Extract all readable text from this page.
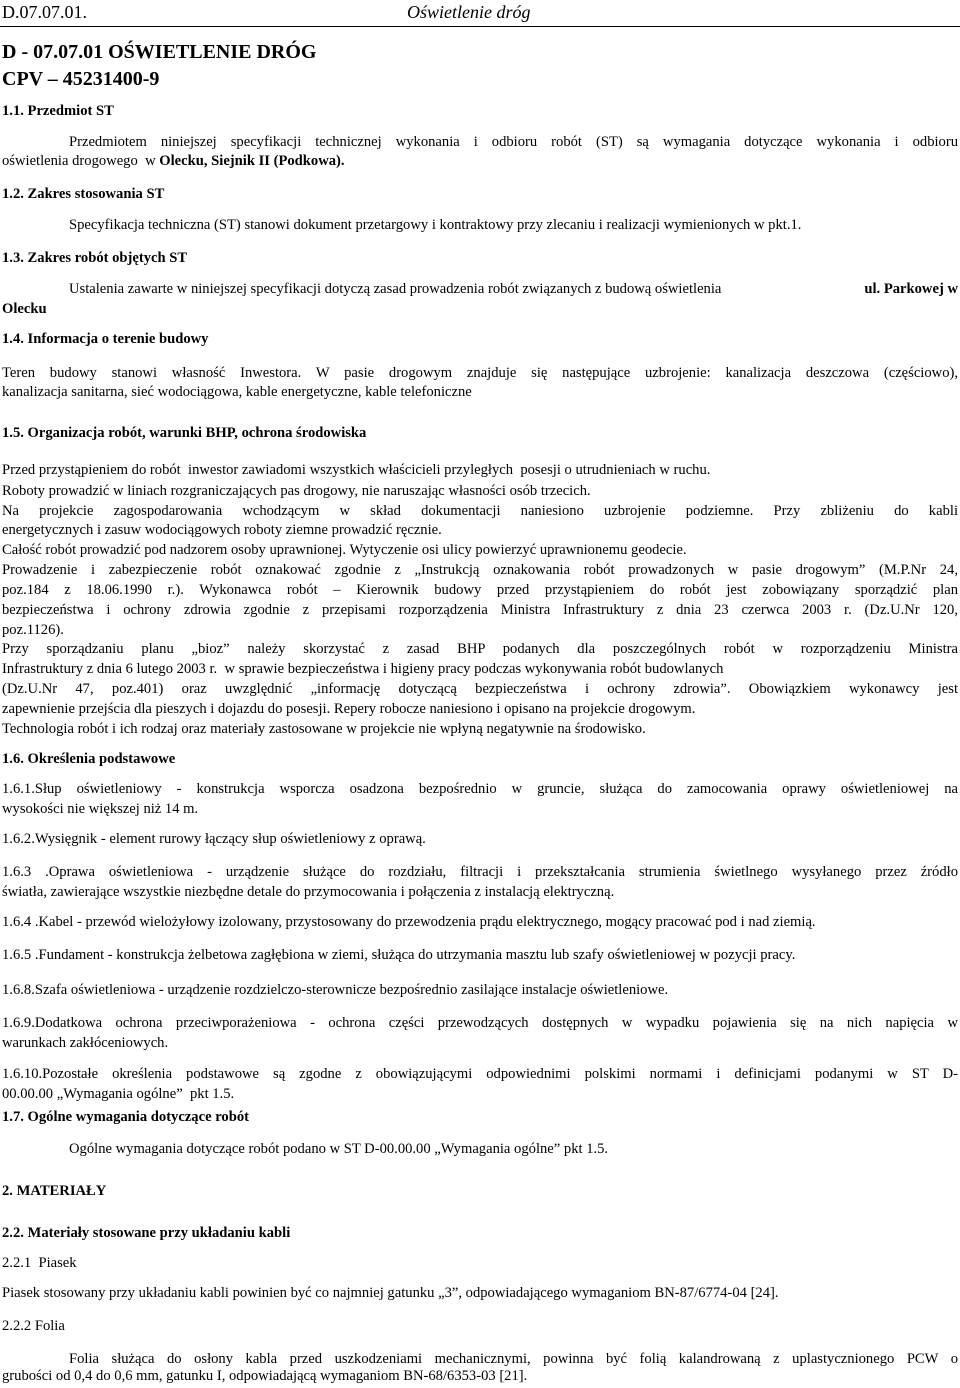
D.07.07.01.	Oświetlenie dróg
D - 07.07.01 OŚWIETLENIE DRÓG
CPV – 45231400-9
1.1. Przedmiot ST
Przedmiotem niniejszej specyfikacji technicznej wykonania i odbioru robót (ST) są wymagania dotyczące wykonania i odbioru
oświetlenia drogowego  w Olecku, Siejnik II (Podkowa).
1.2. Zakres stosowania ST
Specyfikacja techniczna (ST) stanowi dokument przetargowy i kontraktowy przy zlecaniu i realizacji wymienionych w pkt.1.
1.3. Zakres robót objętych ST
Ustalenia zawarte w niniejszej specyfikacji dotyczą zasad prowadzenia robót związanych z budową oświetlenia	ul. Parkowej w
Olecku
1.4. Informacja o terenie budowy
Teren budowy stanowi własność Inwestora. W pasie drogowym znajduje się następujące uzbrojenie: kanalizacja deszczowa (częściowo),
kanalizacja sanitarna, sieć wodociągowa, kable energetyczne, kable telefoniczne
1.5. Organizacja robót, warunki BHP, ochrona środowiska
Przed przystąpieniem do robót  inwestor zawiadomi wszystkich właścicieli przyległych  posesji o utrudnieniach w ruchu.
Roboty prowadzić w liniach rozgraniczających pas drogowy, nie naruszając własności osób trzecich.
Na projekcie zagospodarowania wchodzącym w skład dokumentacji naniesiono uzbrojenie podziemne. Przy zbliżeniu do kabli
energetycznych i zasuw wodociągowych roboty ziemne prowadzić ręcznie.
Całość robót prowadzić pod nadzorem osoby uprawnionej. Wytyczenie osi ulicy powierzyć uprawnionemu geodecie.
Prowadzenie i zabezpieczenie robót oznakować zgodnie z „Instrukcją oznakowania robót prowadzonych w pasie drogowym” (M.P.Nr 24,
poz.184 z 18.06.1990 r.). Wykonawca robót – Kierownik budowy przed przystąpieniem do robót jest zobowiązany sporządzić plan
bezpieczeństwa i ochrony zdrowia zgodnie z przepisami rozporządzenia Ministra Infrastruktury z dnia 23 czerwca 2003 r. (Dz.U.Nr 120,
poz.1126).
Przy sporządzaniu planu „bioz” należy skorzystać z zasad BHP podanych dla poszczególnych robót w rozporządzeniu Ministra
Infrastruktury z dnia 6 lutego 2003 r.  w sprawie bezpieczeństwa i higieny pracy podczas wykonywania robót budowlanych
(Dz.U.Nr 47, poz.401) oraz uwzględnić „informację dotyczącą bezpieczeństwa i ochrony zdrowia”. Obowiązkiem wykonawcy jest
zapewnienie przejścia dla pieszych i dojazdu do posesji. Repery robocze naniesiono i opisano na projekcie drogowym.
Technologia robót i ich rodzaj oraz materiały zastosowane w projekcie nie wpłyną negatywnie na środowisko.
1.6. Określenia podstawowe
1.6.1.Słup oświetleniowy - konstrukcja wsporcza osadzona bezpośrednio w gruncie, służąca do zamocowania oprawy oświetleniowej na
wysokości nie większej niż 14 m.
1.6.2.Wysięgnik - element rurowy łączący słup oświetleniowy z oprawą.
1.6.3 .Oprawa oświetleniowa - urządzenie służące do rozdziału, filtracji i przekształcania strumienia świetlnego wysyłanego przez źródło
światła, zawierające wszystkie niezbędne detale do przymocowania i połączenia z instalacją elektryczną.
1.6.4 .Kabel - przewód wielożyłowy izolowany, przystosowany do przewodzenia prądu elektrycznego, mogący pracować pod i nad ziemią.
1.6.5 .Fundament - konstrukcja żelbetowa zagłębiona w ziemi, służąca do utrzymania masztu lub szafy oświetleniowej w pozycji pracy.
1.6.8.Szafa oświetleniowa - urządzenie rozdzielczo-sterownicze bezpośrednio zasilające instalacje oświetleniowe.
1.6.9.Dodatkowa ochrona przeciwporażeniowa - ochrona części przewodzących dostępnych w wypadku pojawienia się na nich napięcia w
warunkach zakłóceniowych.
1.6.10.Pozostałe określenia podstawowe są zgodne z obowiązującymi odpowiednimi polskimi normami i definicjami podanymi w ST D-
00.00.00 „Wymagania ogólne”  pkt 1.5.
1.7. Ogólne wymagania dotyczące robót
Ogólne wymagania dotyczące robót podano w ST D-00.00.00 „Wymagania ogólne” pkt 1.5.
2. MATERIAŁY
2.2. Materiały stosowane przy układaniu kabli
2.2.1  Piasek
Piasek stosowany przy układaniu kabli powinien być co najmniej gatunku „3”, odpowiadającego wymaganiom BN-87/6774-04 [24].
2.2.2 Folia
Folia służąca do osłony kabla przed uszkodzeniami mechanicznymi, powinna być folią kalandrowaną z uplastycznionego PCW o
grubości od 0,4 do 0,6 mm, gatunku I, odpowiadającą wymaganiom BN-68/6353-03 [21].
